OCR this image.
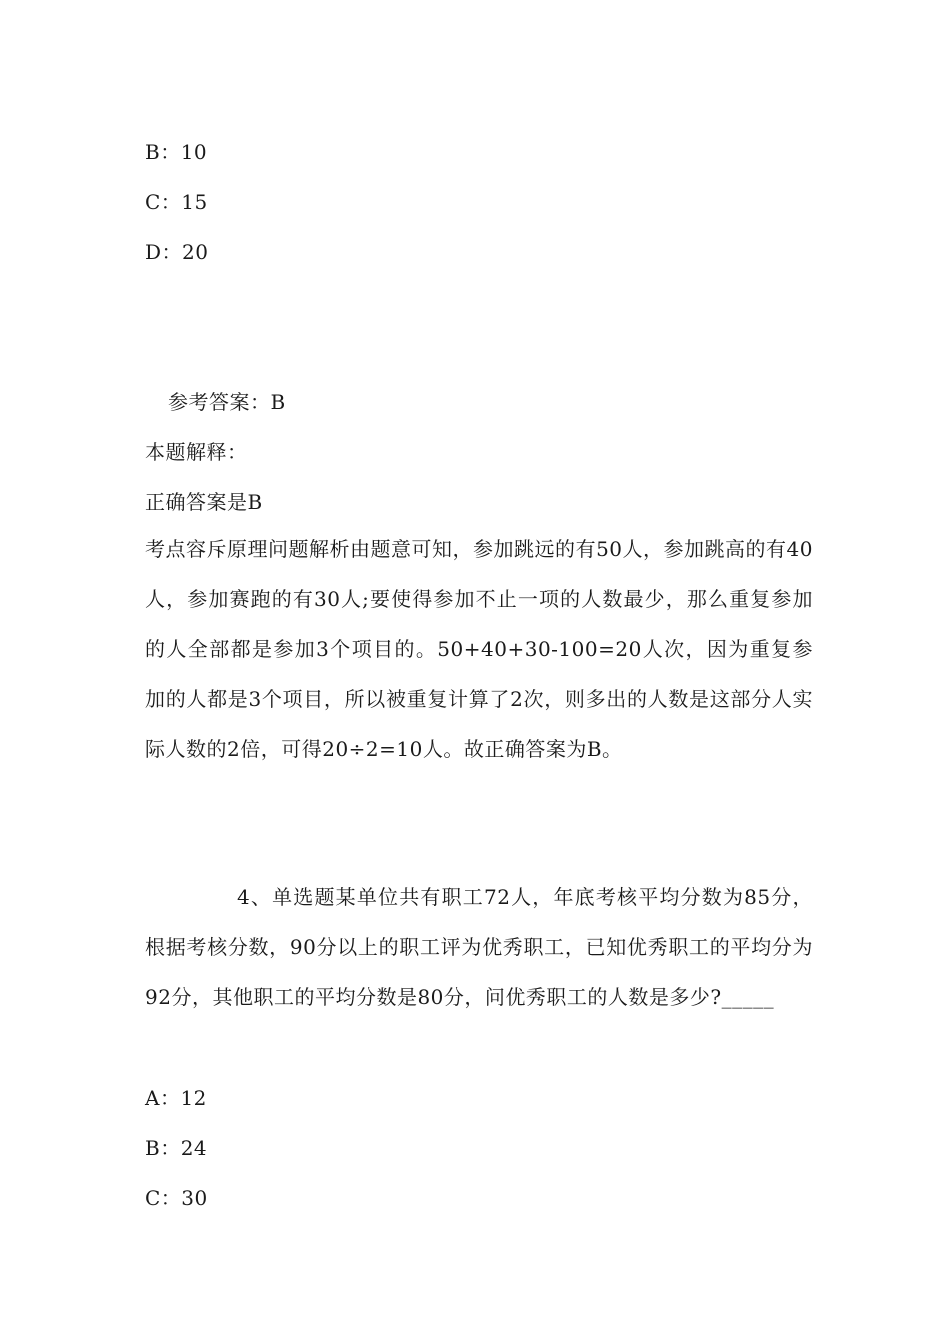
B：10
C：15
D：20
参考答案：B
本题解释：
正确答案是B
考点容斥原理问题解析由题意可知，参加跳远的有50人，参加跳高的有40人，参加赛跑的有30人;要使得参加不止一项的人数最少，那么重复参加的人全部都是参加3个项目的。50+40+30-100=20人次，因为重复参加的人都是3个项目，所以被重复计算了2次，则多出的人数是这部分人实际人数的2倍，可得20÷2=10人。故正确答案为B。
4、单选题某单位共有职工72人，年底考核平均分数为85分，根据考核分数，90分以上的职工评为优秀职工，已知优秀职工的平均分为92分，其他职工的平均分数是80分，问优秀职工的人数是多少?_____
A：12
B：24
C：30
